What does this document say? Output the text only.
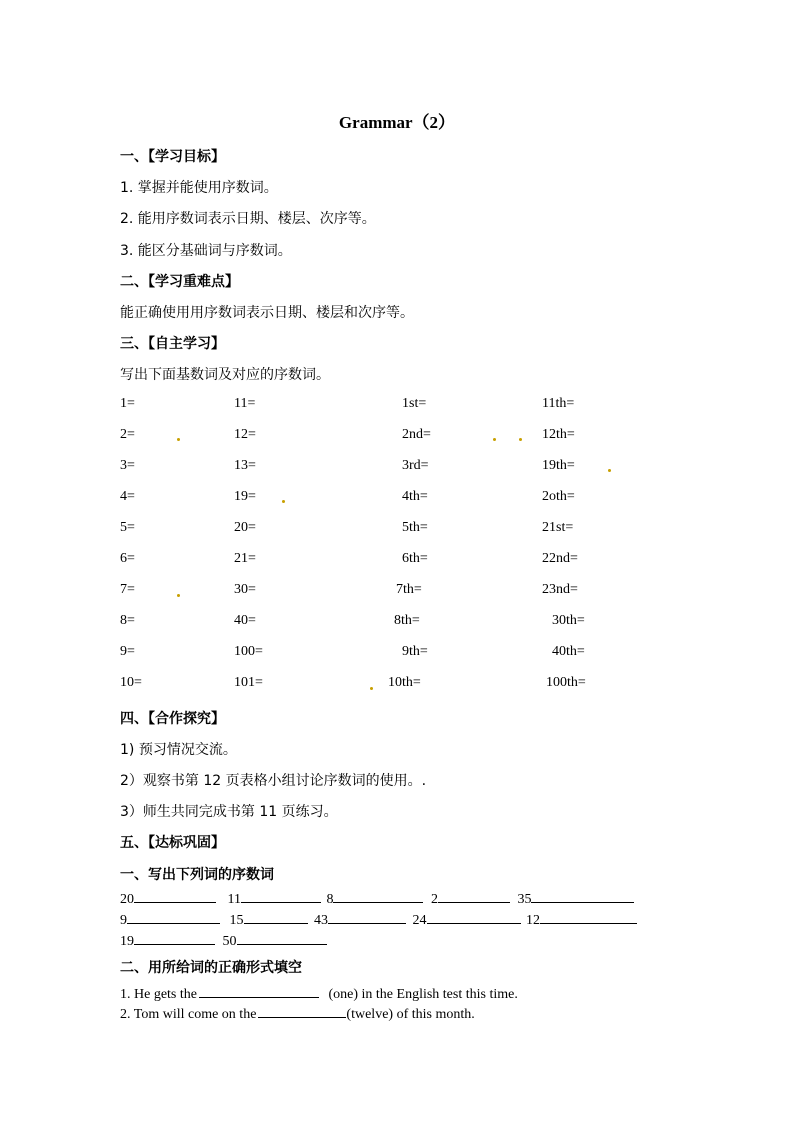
Grammar（2）
一、【学习目标】
1. 掌握并能使用序数词。
2. 能用序数词表示日期、楼层、次序等。
3. 能区分基础词与序数词。
二、【学习重难点】
能正确使用用序数词表示日期、楼层和次序等。
三、【自主学习】
写出下面基数词及对应的序数词。
1=	11=	1st=	11th=
2=	12=	2nd=	12th=
3=	13=	3rd=	19th=
4=	19=	4th=	2oth=
5=	20=	5th=	21st=
6=	21=	6th=	22nd=
7=	30=	7th=	23nd=
8=	40=	8th=	30th=
9=	100=	9th=	40th=
10=	101=	10th=	100th=
四、【合作探究】
1) 预习情况交流。
2）观察书第 12 页表格小组讨论序数词的使用。.
3）师生共同完成书第 11 页练习。
五、【达标巩固】
一、写出下列词的序数词
20	11	8	2	35
9	15	43	24	12
19	50
二、用所给词的正确形式填空
1. He gets the	(one) in the English test this time.
2. Tom will come on the	(twelve) of this month.
